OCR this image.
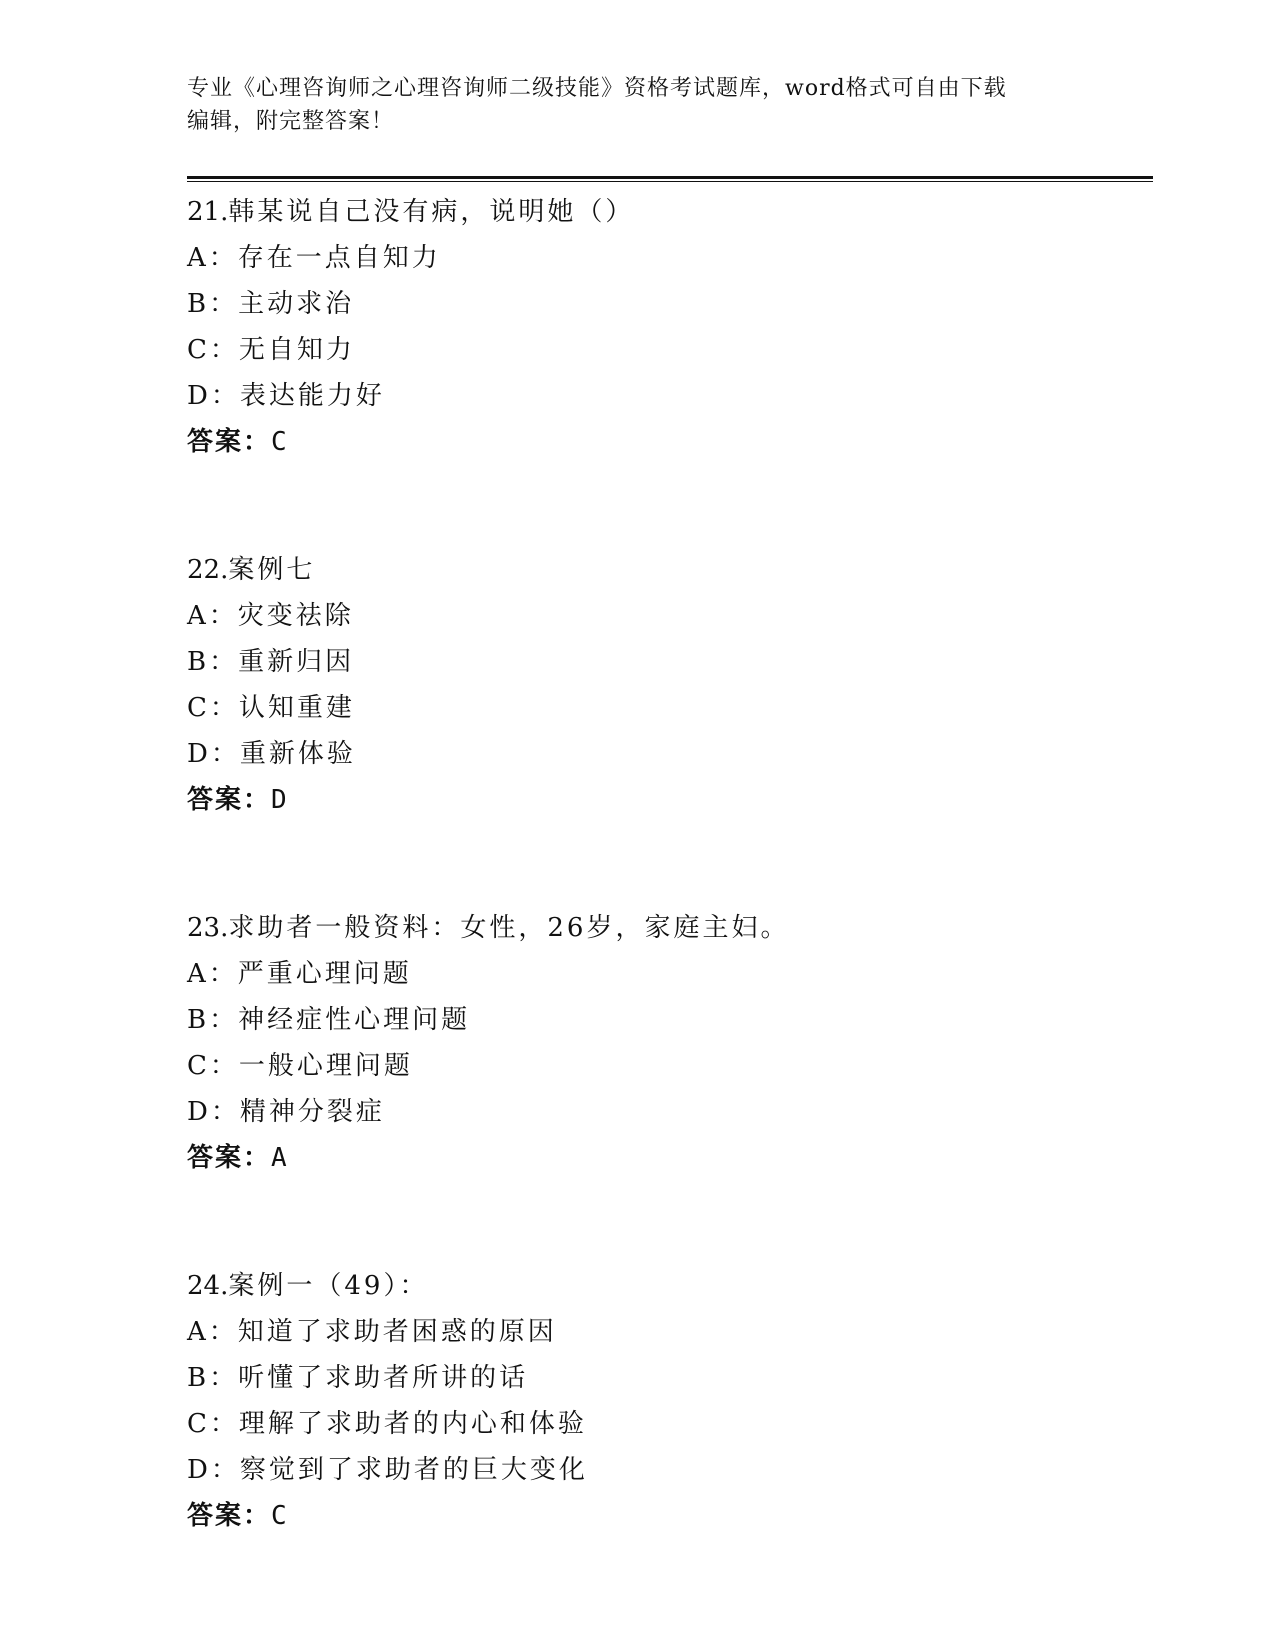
专业《心理咨询师之心理咨询师二级技能》资格考试题库，word格式可自由下载
编辑，附完整答案！
21.韩某说自己没有病，说明她（）
A：存在一点自知力
B：主动求治
C：无自知力
D：表达能力好
答案：C
22.案例七
A：灾变祛除
B：重新归因
C：认知重建
D：重新体验
答案：D
23.求助者一般资料：女性，26岁，家庭主妇。
A：严重心理问题
B：神经症性心理问题
C：一般心理问题
D：精神分裂症
答案：A
24.案例一（49）：
A：知道了求助者困惑的原因
B：听懂了求助者所讲的话
C：理解了求助者的内心和体验
D：察觉到了求助者的巨大变化
答案：C
